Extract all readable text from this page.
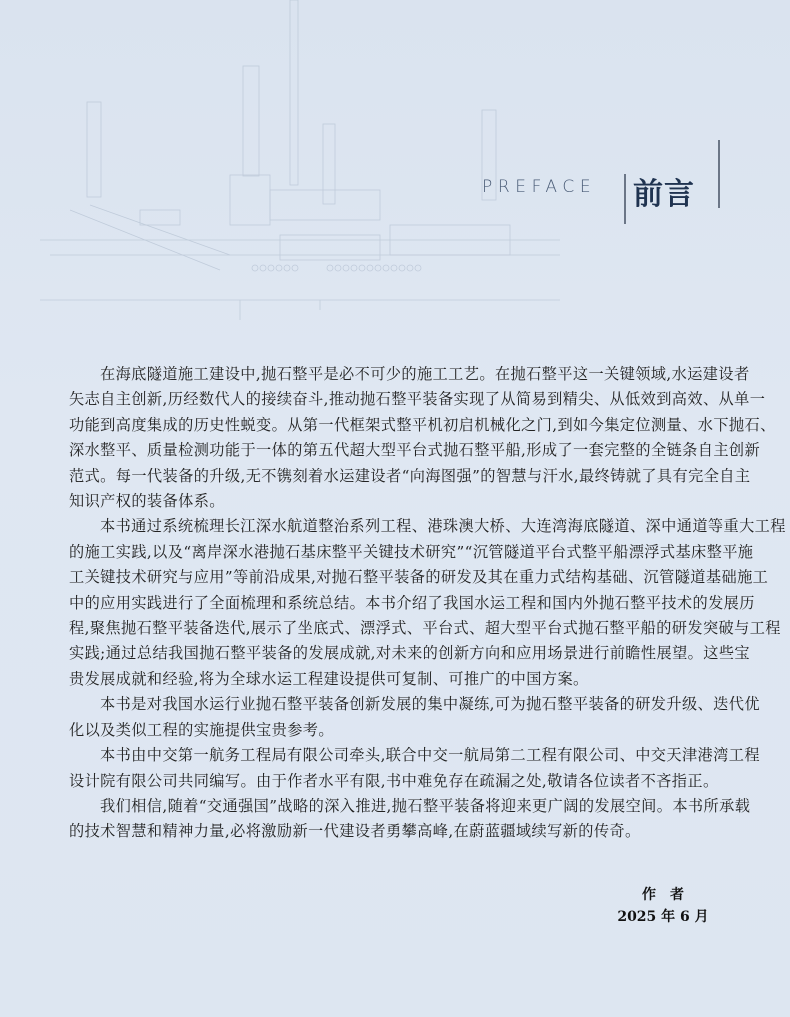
PREFACE 前言

在海底隧道施工建设中,抛石整平是必不可少的施工工艺。在抛石整平这一关键领域,水运建设者
矢志自主创新,历经数代人的接续奋斗,推动抛石整平装备实现了从简易到精尖、从低效到高效、从单一
功能到高度集成的历史性蜕变。从第一代框架式整平机初启机械化之门,到如今集定位测量、水下抛石、
深水整平、质量检测功能于一体的第五代超大型平台式抛石整平船,形成了一套完整的全链条自主创新
范式。每一代装备的升级,无不镌刻着水运建设者“向海图强”的智慧与汗水,最终铸就了具有完全自主
知识产权的装备体系。

本书通过系统梳理长江深水航道整治系列工程、港珠澳大桥、大连湾海底隧道、深中通道等重大工程
的施工实践,以及“离岸深水港抛石基床整平关键技术研究”“沉管隧道平台式整平船漂浮式基床整平施
工关键技术研究与应用”等前沿成果,对抛石整平装备的研发及其在重力式结构基础、沉管隧道基础施工
中的应用实践进行了全面梳理和系统总结。本书介绍了我国水运工程和国内外抛石整平技术的发展历
程,聚焦抛石整平装备迭代,展示了坐底式、漂浮式、平台式、超大型平台式抛石整平船的研发突破与工程
实践;通过总结我国抛石整平装备的发展成就,对未来的创新方向和应用场景进行前瞻性展望。这些宝
贵发展成就和经验,将为全球水运工程建设提供可复制、可推广的中国方案。

本书是对我国水运行业抛石整平装备创新发展的集中凝练,可为抛石整平装备的研发升级、迭代优
化以及类似工程的实施提供宝贵参考。

本书由中交第一航务工程局有限公司牵头,联合中交一航局第二工程有限公司、中交天津港湾工程
设计院有限公司共同编写。由于作者水平有限,书中难免存在疏漏之处,敬请各位读者不吝指正。

我们相信,随着“交通强国”战略的深入推进,抛石整平装备将迎来更广阔的发展空间。本书所承载
的技术智慧和精神力量,必将激励新一代建设者勇攀高峰,在蔚蓝疆域续写新的传奇。

作者
2025 年 6 月
